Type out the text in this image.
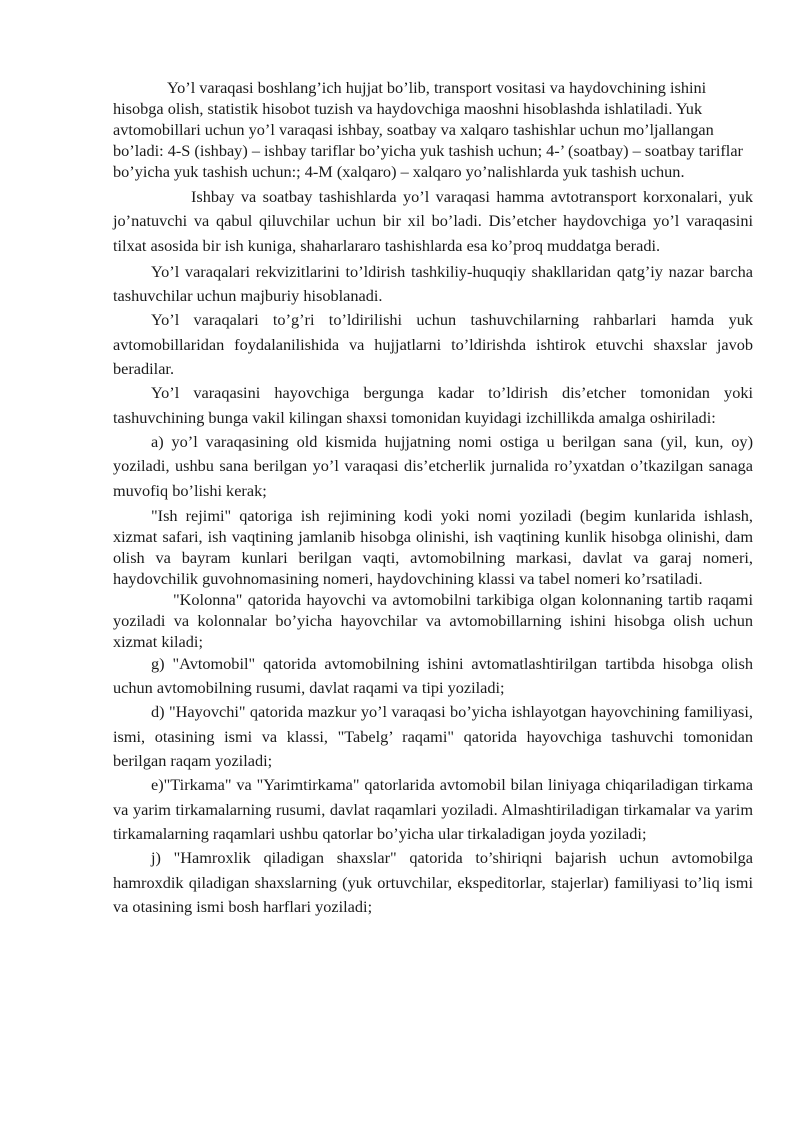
Yo’l varaqasi boshlang’ich hujjat bo’lib, transport vositasi va haydovchining ishini hisobga olish, statistik hisobot tuzish va haydovchiga maoshni hisoblashda ishlatiladi. Yuk avtomobillari uchun yo’l varaqasi ishbay, soatbay va xalqaro tashishlar uchun mo’ljallangan bo’ladi: 4-S (ishbay) – ishbay tariflar bo’yicha yuk tashish uchun; 4-’ (soatbay) – soatbay tariflar bo’yicha yuk tashish uchun:; 4-M (xalqaro) – xalqaro yo’nalishlarda yuk tashish uchun.

Ishbay va soatbay tashishlarda yo’l varaqasi hamma avtotransport korxonalari, yuk jo’natuvchi va qabul qiluvchilar uchun bir xil bo’ladi. Dis’etcher haydovchiga yo’l varaqasini tilxat asosida bir ish kuniga, shaharlararo tashishlarda esa ko’proq muddatga beradi.

Yo’l varaqalari rekvizitlarini to’ldirish tashkiliy-huquqiy shakllaridan qatg’iy nazar barcha tashuvchilar uchun majburiy hisoblanadi.

Yo’l varaqalari to’g’ri to’ldirilishi uchun tashuvchilarning rahbarlari hamda yuk avtomobillaridan foydalanilishida va hujjatlarni to’ldirishda ishtirok etuvchi shaxslar javob beradilar.

Yo’l varaqasini hayovchiga bergunga kadar to’ldirish dis’etcher tomonidan yoki tashuvchining bunga vakil kilingan shaxsi tomonidan kuyidagi izchillikda amalga oshiriladi:

a) yo’l varaqasining old kismida hujjatning nomi ostiga u berilgan sana (yil, kun, oy) yoziladi, ushbu sana berilgan yo’l varaqasi dis’etcherlik jurnalida ro’yxatdan o’tkazilgan sanaga muvofiq bo’lishi kerak;

"Ish rejimi" qatoriga ish rejimining kodi yoki nomi yoziladi (begim kunlarida ishlash, xizmat safari, ish vaqtining jamlanib hisobga olinishi, ish vaqtining kunlik hisobga olinishi, dam olish va bayram kunlari berilgan vaqti, avtomobilning markasi, davlat va garaj nomeri, haydovchilik guvohnomasining nomeri, haydovchining klassi va tabel nomeri ko’rsatiladi.

"Kolonna" qatorida hayovchi va avtomobilni tarkibiga olgan kolonnaning tartib raqami yoziladi va kolonnalar bo’yicha hayovchilar va avtomobillarning ishini hisobga olish uchun xizmat kiladi;

g) "Avtomobil" qatorida avtomobilning ishini avtomatlashtirilgan tartibda hisobga olish uchun avtomobilning rusumi, davlat raqami va tipi yoziladi;

d) "Hayovchi" qatorida mazkur yo’l varaqasi bo’yicha ishlayotgan hayovchining familiyasi, ismi, otasining ismi va klassi, "Tabelg’ raqami" qatorida hayovchiga tashuvchi tomonidan berilgan raqam yoziladi;

e)"Tirkama" va "Yarimtirkama" qatorlarida avtomobil bilan liniyaga chiqariladigan tirkama va yarim tirkamalarning rusumi, davlat raqamlari yoziladi. Almashtiriladigan tirkamalar va yarim tirkamalarning raqamlari ushbu qatorlar bo’yicha ular tirkaladigan joyda yoziladi;

j) "Hamroxlik qiladigan shaxslar" qatorida to’shiriqni bajarish uchun avtomobilga hamroxdik qiladigan shaxslarning (yuk ortuvchilar, ekspeditorlar, stajerlar) familiyasi to’liq ismi va otasining ismi bosh harflari yoziladi;
